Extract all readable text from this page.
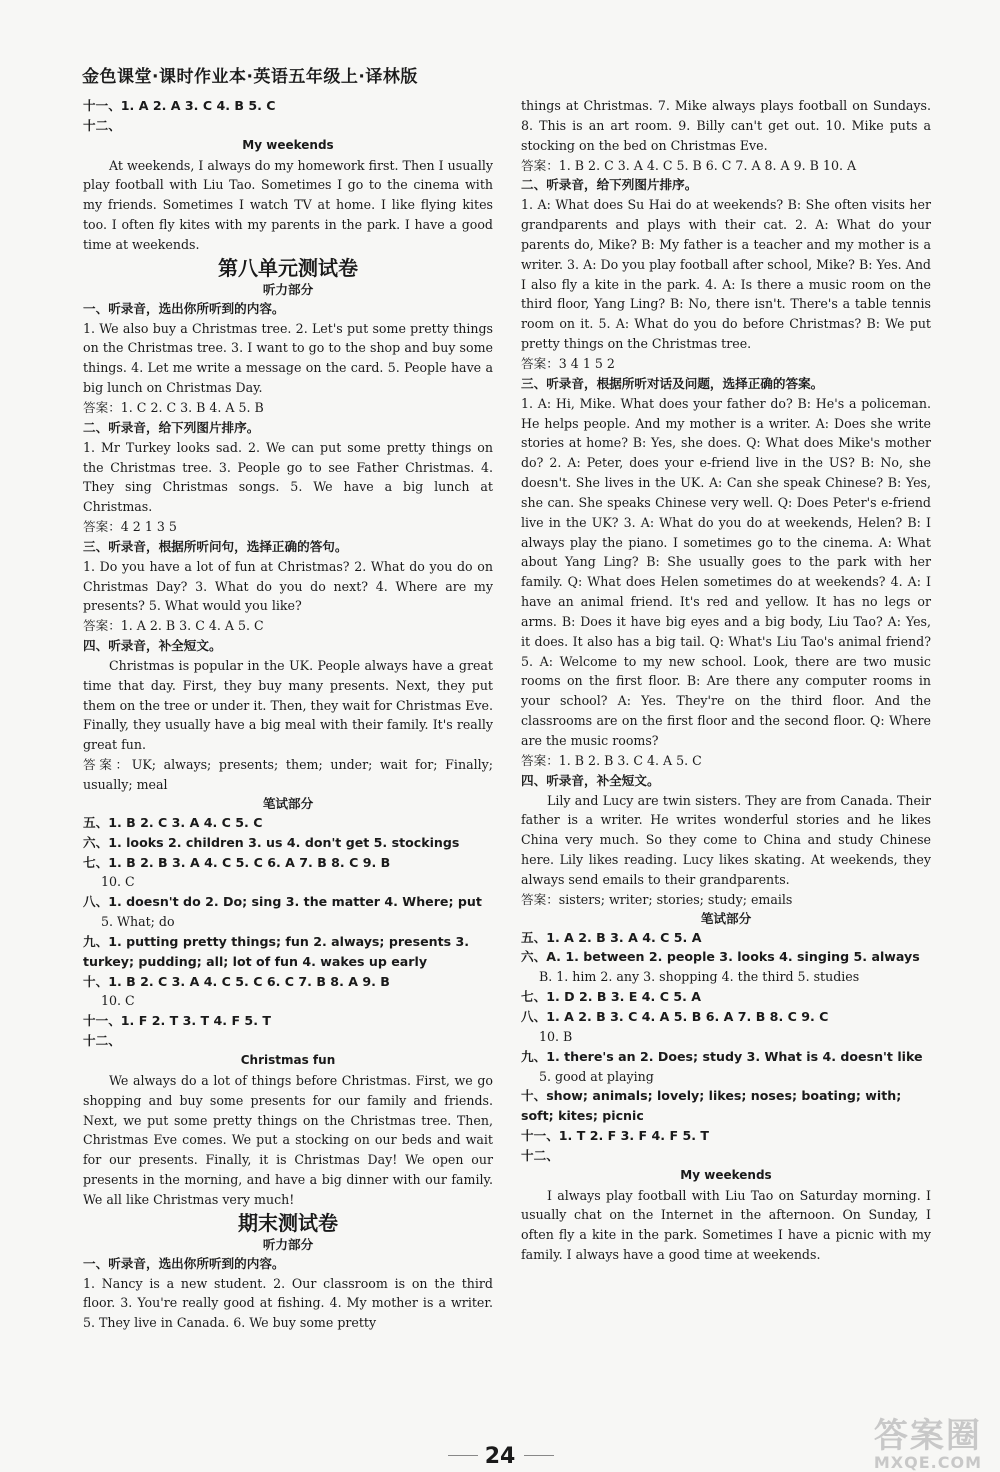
金色课堂·课时作业本·英语五年级上·译林版

十一、1. A 2. A 3. C 4. B 5. C

十二、

My weekends

At weekends, I always do my homework first. Then I usually play football with Liu Tao. Sometimes I go to the cinema with my friends. Sometimes I watch TV at home. I like flying kites too. I often fly kites with my parents in the park. I have a good time at weekends.

第八单元测试卷

听力部分

一、听录音，选出你所听到的内容。

1. We also buy a Christmas tree. 2. Let's put some pretty things on the Christmas tree. 3. I want to go to the shop and buy some things. 4. Let me write a message on the card. 5. People have a big lunch on Christmas Day.

答案：1. C 2. C 3. B 4. A 5. B

二、听录音，给下列图片排序。

1. Mr Turkey looks sad. 2. We can put some pretty things on the Christmas tree. 3. People go to see Father Christmas. 4. They sing Christmas songs. 5. We have a big lunch at Christmas.

答案：4 2 1 3 5

三、听录音，根据所听问句，选择正确的答句。

1. Do you have a lot of fun at Christmas? 2. What do you do on Christmas Day? 3. What do you do next? 4. Where are my presents? 5. What would you like?

答案：1. A 2. B 3. C 4. A 5. C

四、听录音，补全短文。

Christmas is popular in the UK. People always have a great time that day. First, they buy many presents. Next, they put them on the tree or under it. Then, they wait for Christmas Eve. Finally, they usually have a big meal with their family. It's really great fun.

答案：UK; always; presents; them; under; wait for; Finally; usually; meal

笔试部分

五、1. B 2. C 3. A 4. C 5. C

六、1. looks 2. children 3. us 4. don't get 5. stockings

七、1. B 2. B 3. A 4. C 5. C 6. A 7. B 8. C 9. B

10. C

八、1. doesn't do 2. Do; sing 3. the matter 4. Where; put

5. What; do

九、1. putting pretty things; fun 2. always; presents 3. turkey; pudding; all; lot of fun 4. wakes up early

十、1. B 2. C 3. A 4. C 5. C 6. C 7. B 8. A 9. B

10. C

十一、1. F 2. T 3. T 4. F 5. T

十二、

Christmas fun

We always do a lot of things before Christmas. First, we go shopping and buy some presents for our family and friends. Next, we put some pretty things on the Christmas tree. Then, Christmas Eve comes. We put a stocking on our beds and wait for our presents. Finally, it is Christmas Day! We open our presents in the morning, and have a big dinner with our family. We all like Christmas very much!

期末测试卷

听力部分

一、听录音，选出你所听到的内容。

1. Nancy is a new student. 2. Our classroom is on the third floor. 3. You're really good at fishing. 4. My mother is a writer. 5. They live in Canada. 6. We buy some pretty

things at Christmas. 7. Mike always plays football on Sundays. 8. This is an art room. 9. Billy can't get out. 10. Mike puts a stocking on the bed on Christmas Eve.

答案：1. B 2. C 3. A 4. C 5. B 6. C 7. A 8. A 9. B 10. A

二、听录音，给下列图片排序。

1. A: What does Su Hai do at weekends? B: She often visits her grandparents and plays with their cat. 2. A: What do your parents do, Mike? B: My father is a teacher and my mother is a writer. 3. A: Do you play football after school, Mike? B: Yes. And I also fly a kite in the park. 4. A: Is there a music room on the third floor, Yang Ling? B: No, there isn't. There's a table tennis room on it. 5. A: What do you do before Christmas? B: We put pretty things on the Christmas tree.

答案：3 4 1 5 2

三、听录音，根据所听对话及问题，选择正确的答案。

1. A: Hi, Mike. What does your father do? B: He's a policeman. He helps people. And my mother is a writer. A: Does she write stories at home? B: Yes, she does. Q: What does Mike's mother do? 2. A: Peter, does your e-friend live in the US? B: No, she doesn't. She lives in the UK. A: Can she speak Chinese? B: Yes, she can. She speaks Chinese very well. Q: Does Peter's e-friend live in the UK? 3. A: What do you do at weekends, Helen? B: I always play the piano. I sometimes go to the cinema. A: What about Yang Ling? B: She usually goes to the park with her family. Q: What does Helen sometimes do at weekends? 4. A: I have an animal friend. It's red and yellow. It has no legs or arms. B: Does it have big eyes and a big body, Liu Tao? A: Yes, it does. It also has a big tail. Q: What's Liu Tao's animal friend? 5. A: Welcome to my new school. Look, there are two music rooms on the first floor. B: Are there any computer rooms in your school? A: Yes. They're on the third floor. And the classrooms are on the first floor and the second floor. Q: Where are the music rooms?

答案：1. B 2. B 3. C 4. A 5. C

四、听录音，补全短文。

Lily and Lucy are twin sisters. They are from Canada. Their father is a writer. He writes wonderful stories and he likes China very much. So they come to China and study Chinese here. Lily likes reading. Lucy likes skating. At weekends, they always send emails to their grandparents.

答案：sisters; writer; stories; study; emails

笔试部分

五、1. A 2. B 3. A 4. C 5. A

六、A. 1. between 2. people 3. looks 4. singing 5. always

B. 1. him 2. any 3. shopping 4. the third 5. studies

七、1. D 2. B 3. E 4. C 5. A

八、1. A 2. B 3. C 4. A 5. B 6. A 7. B 8. C 9. C

10. B

九、1. there's an 2. Does; study 3. What is 4. doesn't like

5. good at playing

十、show; animals; lovely; likes; noses; boating; with; soft; kites; picnic

十一、1. T 2. F 3. F 4. F 5. T

十二、

My weekends

I always play football with Liu Tao on Saturday morning. I usually chat on the Internet in the afternoon. On Sunday, I often fly a kite in the park. Sometimes I have a picnic with my family. I always have a good time at weekends.

24
答案圈
MXQE.COM
